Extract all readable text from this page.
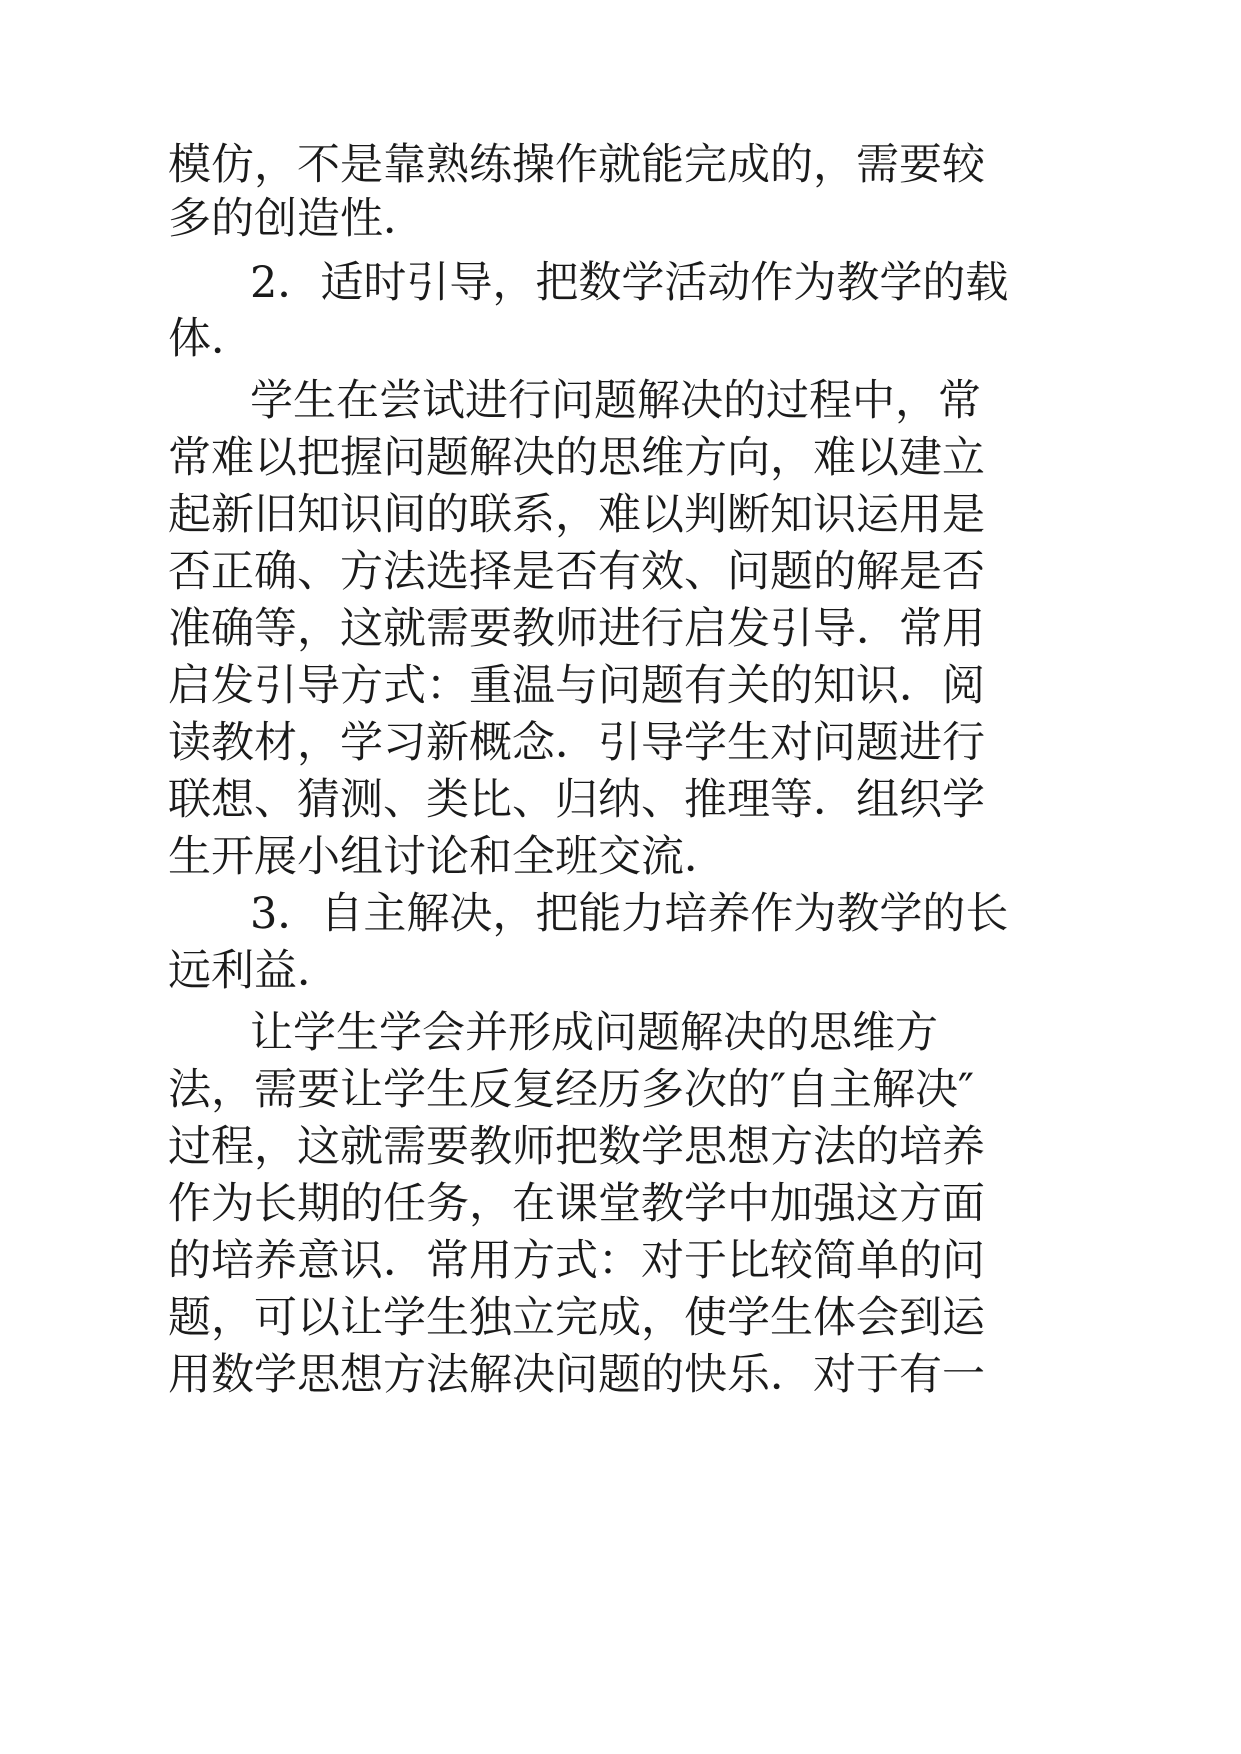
模仿，不是靠熟练操作就能完成的，需要较
多的创造性．
2．适时引导，把数学活动作为教学的载
体．
学生在尝试进行问题解决的过程中，常
常难以把握问题解决的思维方向，难以建立
起新旧知识间的联系，难以判断知识运用是
否正确、方法选择是否有效、问题的解是否
准确等，这就需要教师进行启发引导．常用
启发引导方式：重温与问题有关的知识．阅
读教材，学习新概念．引导学生对问题进行
联想、猜测、类比、归纳、推理等．组织学
生开展小组讨论和全班交流．
3．自主解决，把能力培养作为教学的长
远利益．
让学生学会并形成问题解决的思维方
法，需要让学生反复经历多次的″自主解决″
过程，这就需要教师把数学思想方法的培养
作为长期的任务，在课堂教学中加强这方面
的培养意识．常用方式：对于比较简单的问
题，可以让学生独立完成，使学生体会到运
用数学思想方法解决问题的快乐．对于有一
